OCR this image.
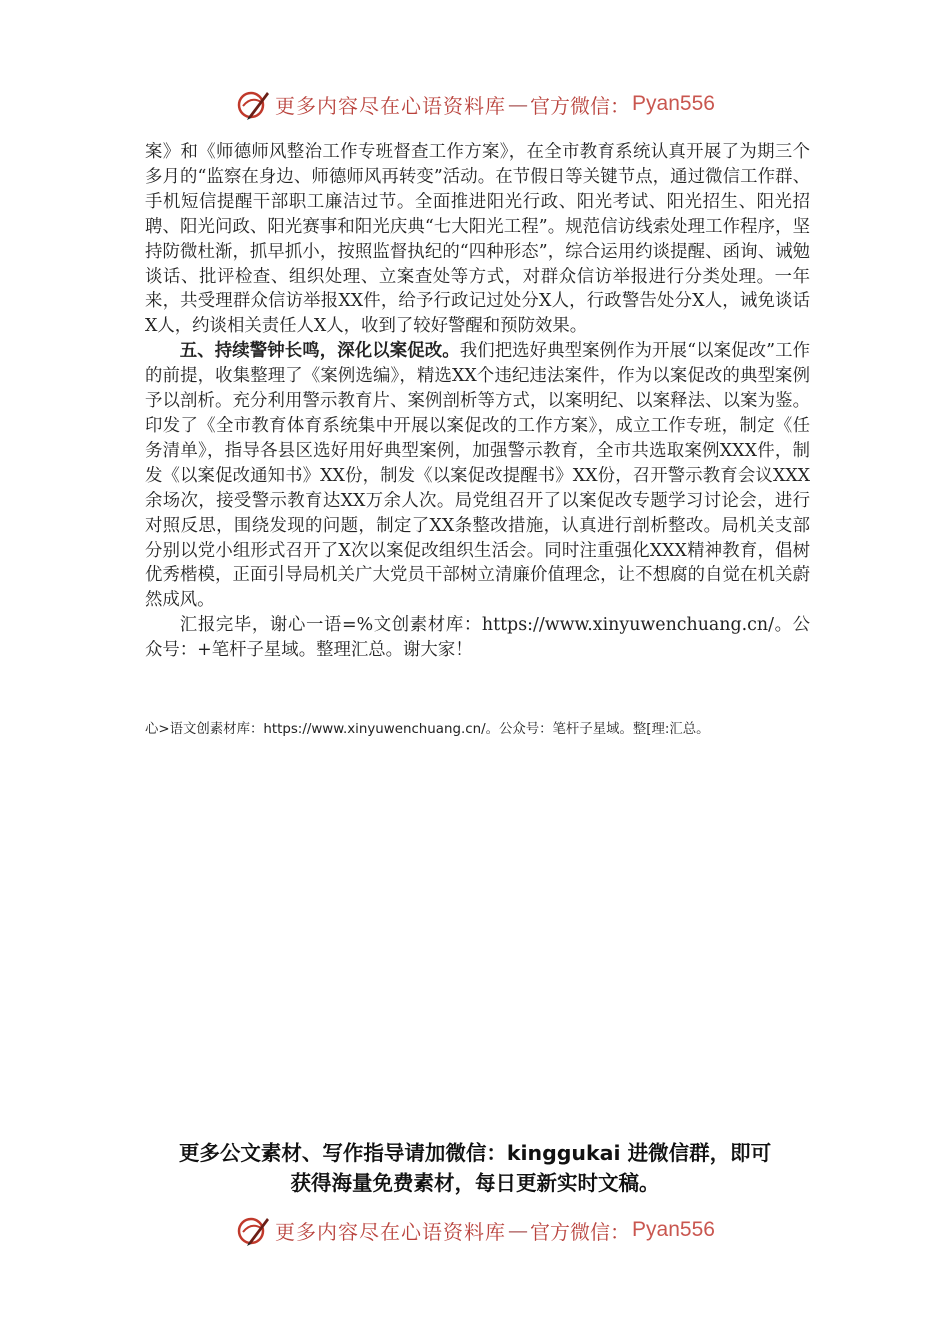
更多内容尽在心语资料库 — 官方微信： Pyan556

案》和《师德师风整治工作专班督查工作方案》，在全市教育系统认真开展了为期三个多月的“监察在身边、师德师风再转变”活动。在节假日等关键节点，通过微信工作群、手机短信提醒干部职工廉洁过节。全面推进阳光行政、阳光考试、阳光招生、阳光招聘、阳光问政、阳光赛事和阳光庆典“七大阳光工程”。规范信访线索处理工作程序，坚持防微杜渐，抓早抓小，按照监督执纪的“四种形态”，综合运用约谈提醒、函询、诫勉谈话、批评检查、组织处理、立案查处等方式，对群众信访举报进行分类处理。一年来，共受理群众信访举报XX件，给予行政记过处分X人，行政警告处分X人，诫免谈话X人，约谈相关责任人X人，收到了较好警醒和预防效果。

五、持续警钟长鸣，深化以案促改。我们把选好典型案例作为开展“以案促改”工作的前提，收集整理了《案例选编》，精选XX个违纪违法案件，作为以案促改的典型案例予以剖析。充分利用警示教育片、案例剖析等方式，以案明纪、以案释法、以案为鉴。印发了《全市教育体育系统集中开展以案促改的工作方案》，成立工作专班，制定《任务清单》，指导各县区选好用好典型案例，加强警示教育，全市共选取案例XXX件，制发《以案促改通知书》XX份，制发《以案促改提醒书》XX份，召开警示教育会议XXX余场次，接受警示教育达XX万余人次。局党组召开了以案促改专题学习讨论会，进行对照反思，围绕发现的问题，制定了XX条整改措施，认真进行剖析整改。局机关支部分别以党小组形式召开了X次以案促改组织生活会。同时注重强化XXX精神教育，倡树优秀楷模，正面引导局机关广大党员干部树立清廉价值理念，让不想腐的自觉在机关蔚然成风。

汇报完毕，谢心一语=%文创素材库：https://www.xinyuwenchuang.cn/。公众号：+笔杆子星域。整理汇总。谢大家！

心>语文创素材库：https://www.xinyuwenchuang.cn/。公众号：笔杆子星域。整[理:汇总。
更多公文素材、写作指导请加微信：kinggukai 进微信群，即可
获得海量免费素材，每日更新实时文稿。
更多内容尽在心语资料库 — 官方微信： Pyan556
